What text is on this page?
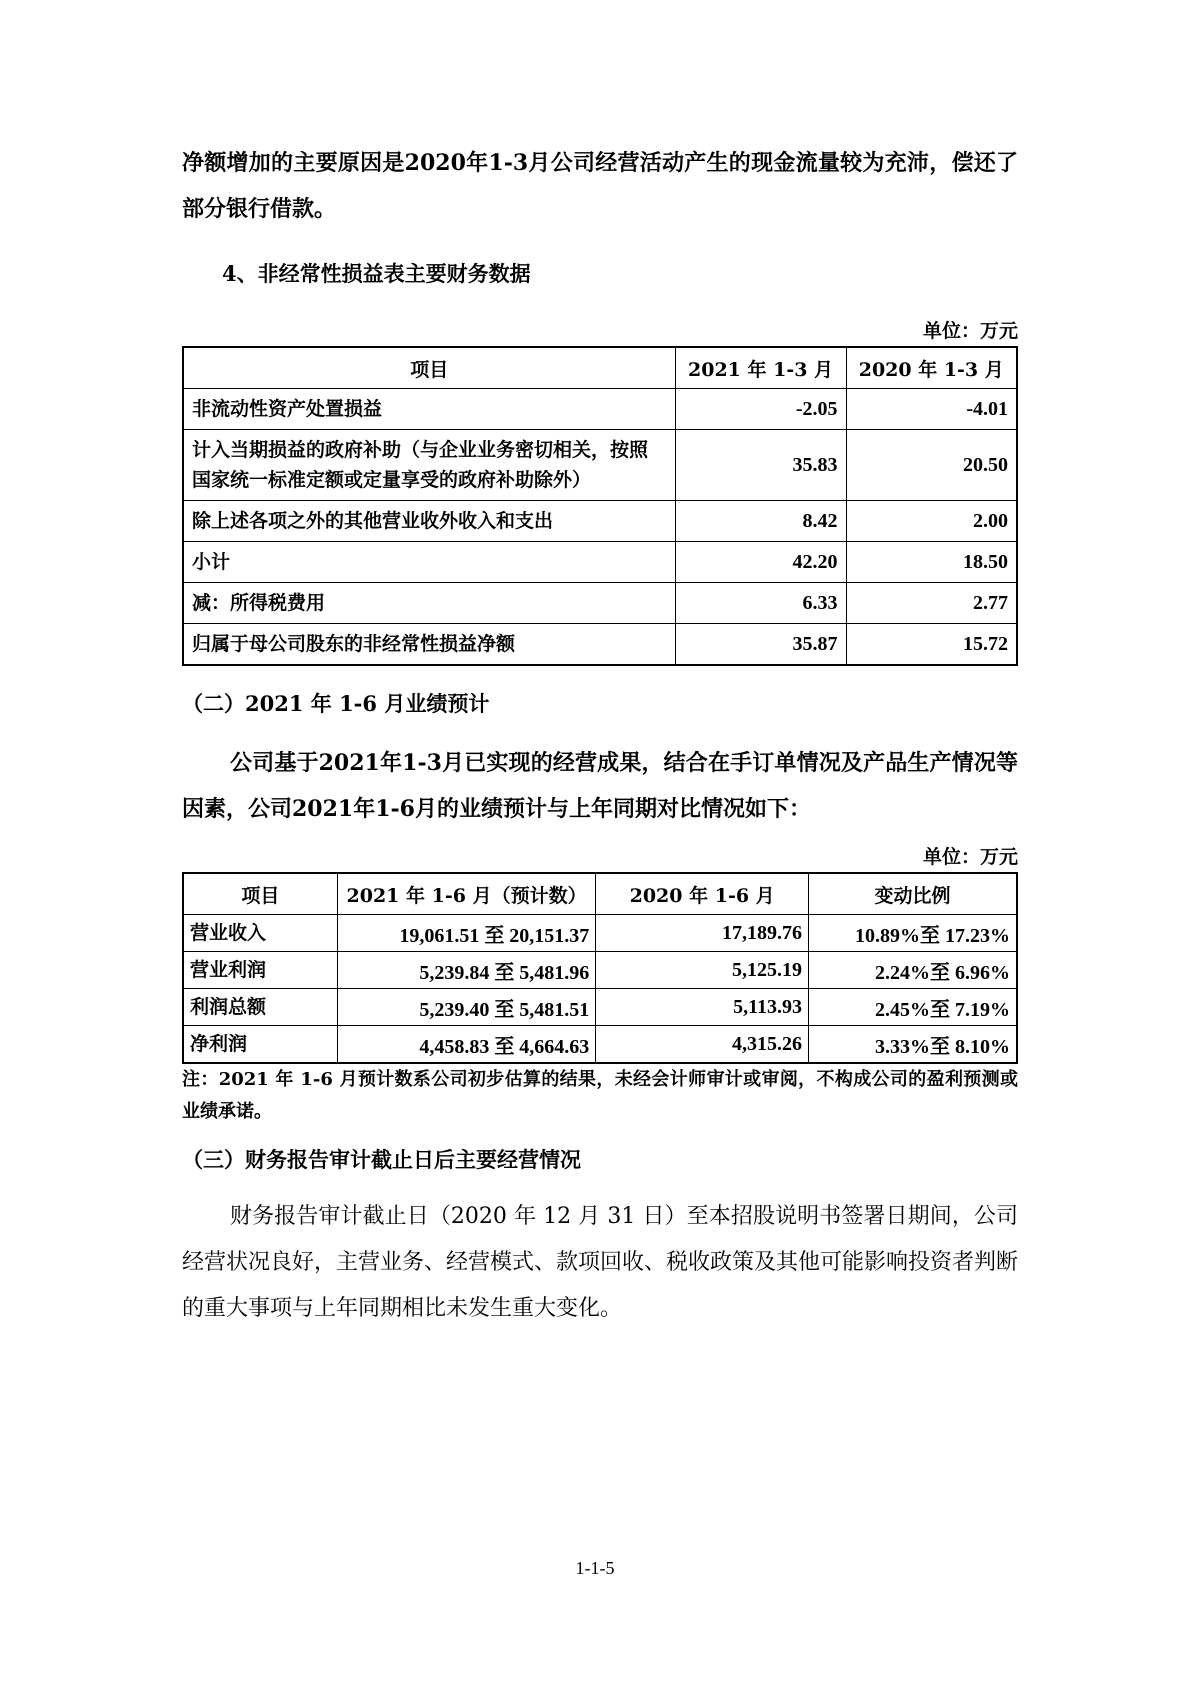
净额增加的主要原因是2020年1-3月公司经营活动产生的现金流量较为充沛，偿还了部分银行借款。

4、非经常性损益表主要财务数据

单位：万元

项目	2021 年 1-3 月	2020 年 1-3 月
非流动性资产处置损益	-2.05	-4.01
计入当期损益的政府补助（与企业业务密切相关，按照国家统一标准定额或定量享受的政府补助除外）	35.83	20.50
除上述各项之外的其他营业收外收入和支出	8.42	2.00
小计	42.20	18.50
减：所得税费用	6.33	2.77
归属于母公司股东的非经常性损益净额	35.87	15.72

（二）2021 年 1-6 月业绩预计

公司基于2021年1-3月已实现的经营成果，结合在手订单情况及产品生产情况等因素，公司2021年1-6月的业绩预计与上年同期对比情况如下：

单位：万元

项目	2021 年 1-6 月（预计数）	2020 年 1-6 月	变动比例
营业收入	19,061.51 至 20,151.37	17,189.76	10.89%至 17.23%
营业利润	5,239.84 至 5,481.96	5,125.19	2.24%至 6.96%
利润总额	5,239.40 至 5,481.51	5,113.93	2.45%至 7.19%
净利润	4,458.83 至 4,664.63	4,315.26	3.33%至 8.10%

注：2021 年 1-6 月预计数系公司初步估算的结果，未经会计师审计或审阅，不构成公司的盈利预测或业绩承诺。

（三）财务报告审计截止日后主要经营情况

财务报告审计截止日（2020 年 12 月 31 日）至本招股说明书签署日期间，公司经营状况良好，主营业务、经营模式、款项回收、税收政策及其他可能影响投资者判断的重大事项与上年同期相比未发生重大变化。

1-1-5
